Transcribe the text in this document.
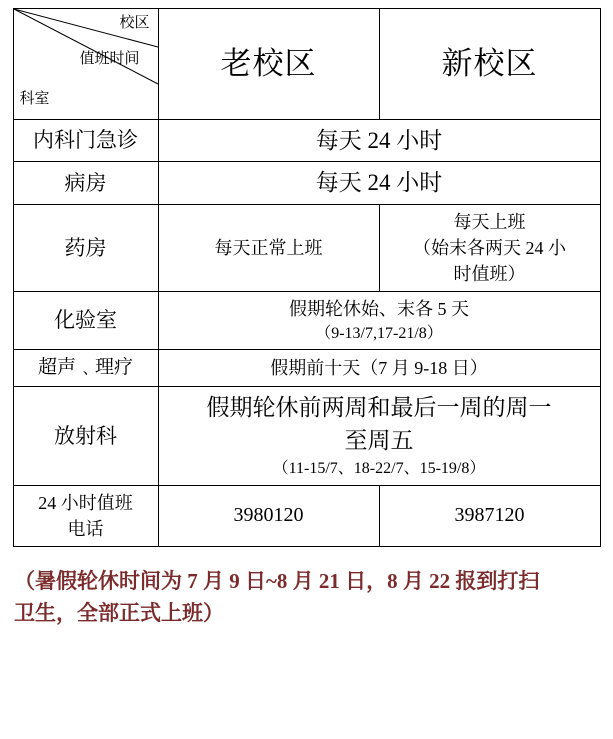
校区
值班时间
科室	老校区	新校区
内科门急诊	每天 24 小时	
病房	每天 24 小时	
药房	每天正常上班	每天上班
（始末各两天 24 小
时值班）

化验室	假期轮休始、末各 5 天
（9-13/7,17-21/8）	

超声﹑理疗	假期前十天（7 月 9-18 日）	
放射科	假期轮休前两周和最后一周的周一
至周五
（11-15/7、18-22/7、15-19/8）	

24 小时值班
电话	3980120	3987120
（暑假轮休时间为 7 月 9 日~8 月 21 日，8 月 22 报到打扫
卫生，全部正式上班）
